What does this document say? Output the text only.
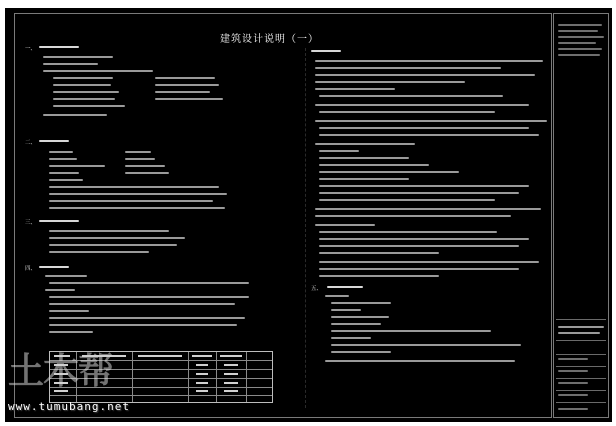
建筑设计说明（一）
一、
二、
三、
四、
五、
土木帮
www.tumubang.net
